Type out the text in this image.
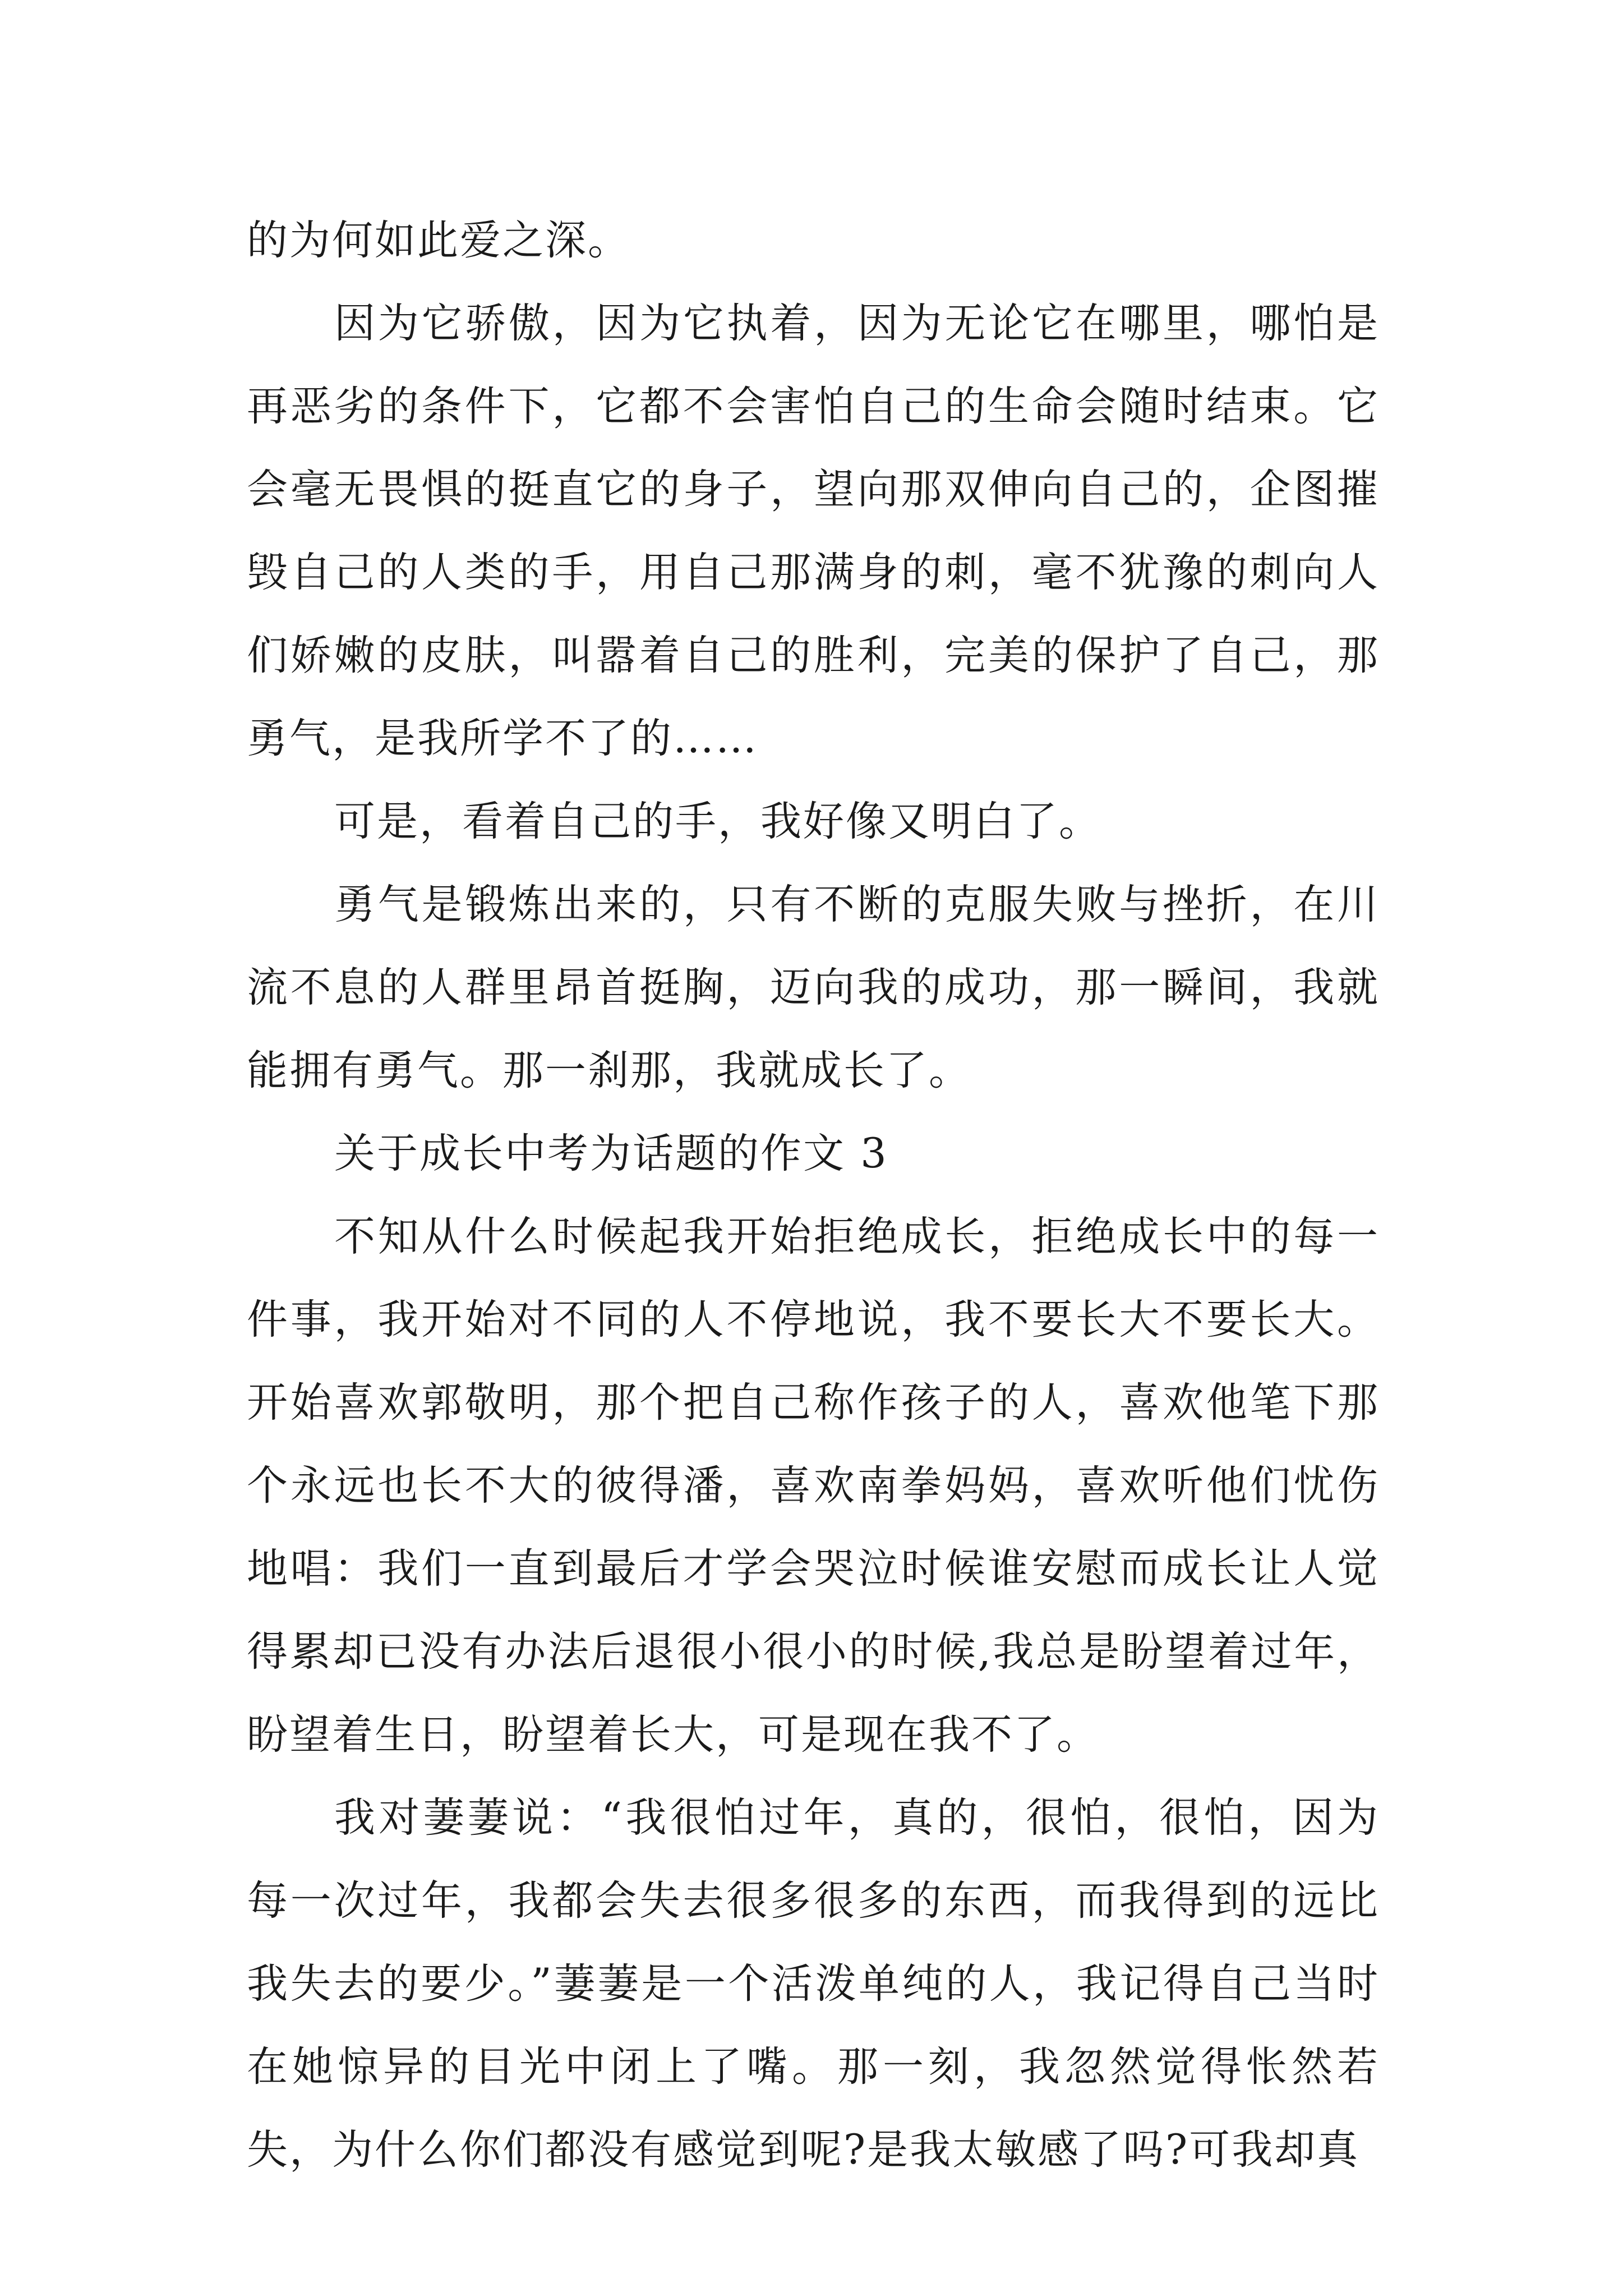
的为何如此爱之深。

因为它骄傲，因为它执着，因为无论它在哪里，哪怕是再恶劣的条件下，它都不会害怕自己的生命会随时结束。它会毫无畏惧的挺直它的身子，望向那双伸向自己的，企图摧毁自己的人类的手，用自己那满身的刺，毫不犹豫的刺向人们娇嫩的皮肤，叫嚣着自己的胜利，完美的保护了自己，那勇气，是我所学不了的……

可是，看着自己的手，我好像又明白了。

勇气是锻炼出来的，只有不断的克服失败与挫折，在川流不息的人群里昂首挺胸，迈向我的成功，那一瞬间，我就能拥有勇气。那一刹那，我就成长了。

关于成长中考为话题的作文 3

不知从什么时候起我开始拒绝成长，拒绝成长中的每一件事，我开始对不同的人不停地说，我不要长大不要长大。开始喜欢郭敬明，那个把自己称作孩子的人，喜欢他笔下那个永远也长不大的彼得潘，喜欢南拳妈妈，喜欢听他们忧伤地唱：我们一直到最后才学会哭泣时候谁安慰而成长让人觉得累却已没有办法后退很小很小的时候,我总是盼望着过年，盼望着生日，盼望着长大，可是现在我不了。

我对萋萋说：“我很怕过年，真的，很怕，很怕，因为每一次过年，我都会失去很多很多的东西，而我得到的远比我失去的要少。”萋萋是一个活泼单纯的人，我记得自己当时在她惊异的目光中闭上了嘴。那一刻，我忽然觉得怅然若失，为什么你们都没有感觉到呢?是我太敏感了吗?可我却真
